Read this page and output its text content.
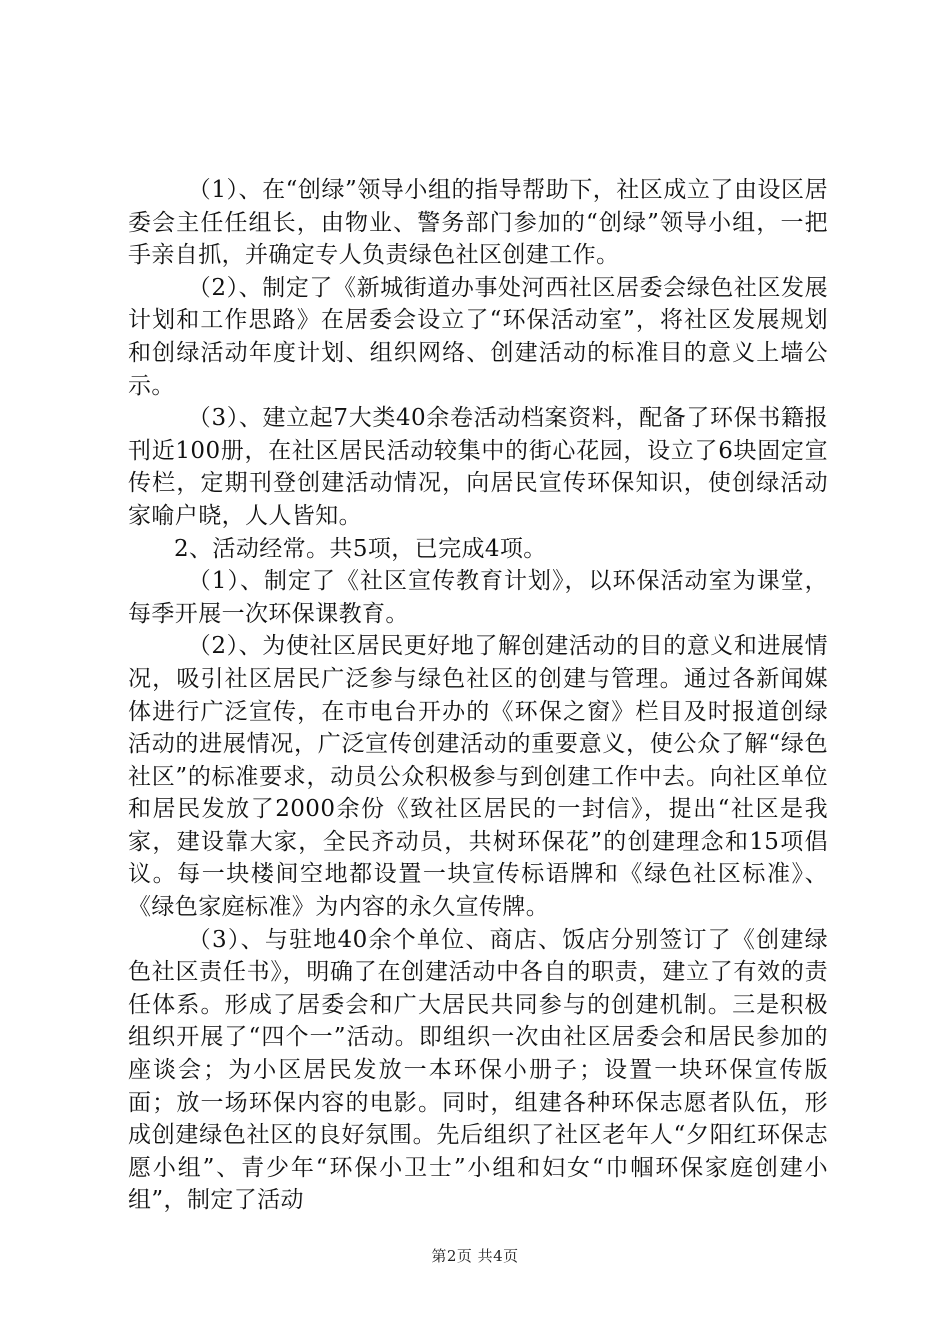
（1）、在“创绿”领导小组的指导帮助下，社区成立了由设区居委会主任任组长，由物业、警务部门参加的“创绿”领导小组，一把手亲自抓，并确定专人负责绿色社区创建工作。

（2）、制定了《新城街道办事处河西社区居委会绿色社区发展计划和工作思路》在居委会设立了“环保活动室”，将社区发展规划和创绿活动年度计划、组织网络、创建活动的标准目的意义上墙公示。

（3）、建立起7大类40余卷活动档案资料，配备了环保书籍报刊近100册，在社区居民活动较集中的街心花园，设立了6块固定宣传栏，定期刊登创建活动情况，向居民宣传环保知识，使创绿活动家喻户晓，人人皆知。

2、活动经常。共5项，已完成4项。

（1）、制定了《社区宣传教育计划》，以环保活动室为课堂，每季开展一次环保课教育。

（2）、为使社区居民更好地了解创建活动的目的意义和进展情况，吸引社区居民广泛参与绿色社区的创建与管理。通过各新闻媒体进行广泛宣传，在市电台开办的《环保之窗》栏目及时报道创绿活动的进展情况，广泛宣传创建活动的重要意义，使公众了解“绿色社区”的标准要求，动员公众积极参与到创建工作中去。向社区单位和居民发放了2000余份《致社区居民的一封信》，提出“社区是我家，建设靠大家，全民齐动员，共树环保花”的创建理念和15项倡议。每一块楼间空地都设置一块宣传标语牌和《绿色社区标准》、《绿色家庭标准》为内容的永久宣传牌。

（3）、与驻地40余个单位、商店、饭店分别签订了《创建绿色社区责任书》，明确了在创建活动中各自的职责，建立了有效的责任体系。形成了居委会和广大居民共同参与的创建机制。三是积极组织开展了“四个一”活动。即组织一次由社区居委会和居民参加的座谈会；为小区居民发放一本环保小册子；设置一块环保宣传版面；放一场环保内容的电影。同时，组建各种环保志愿者队伍，形成创建绿色社区的良好氛围。先后组织了社区老年人“夕阳红环保志愿小组”、青少年“环保小卫士”小组和妇女“巾帼环保家庭创建小组”，制定了活动

第2页 共4页
